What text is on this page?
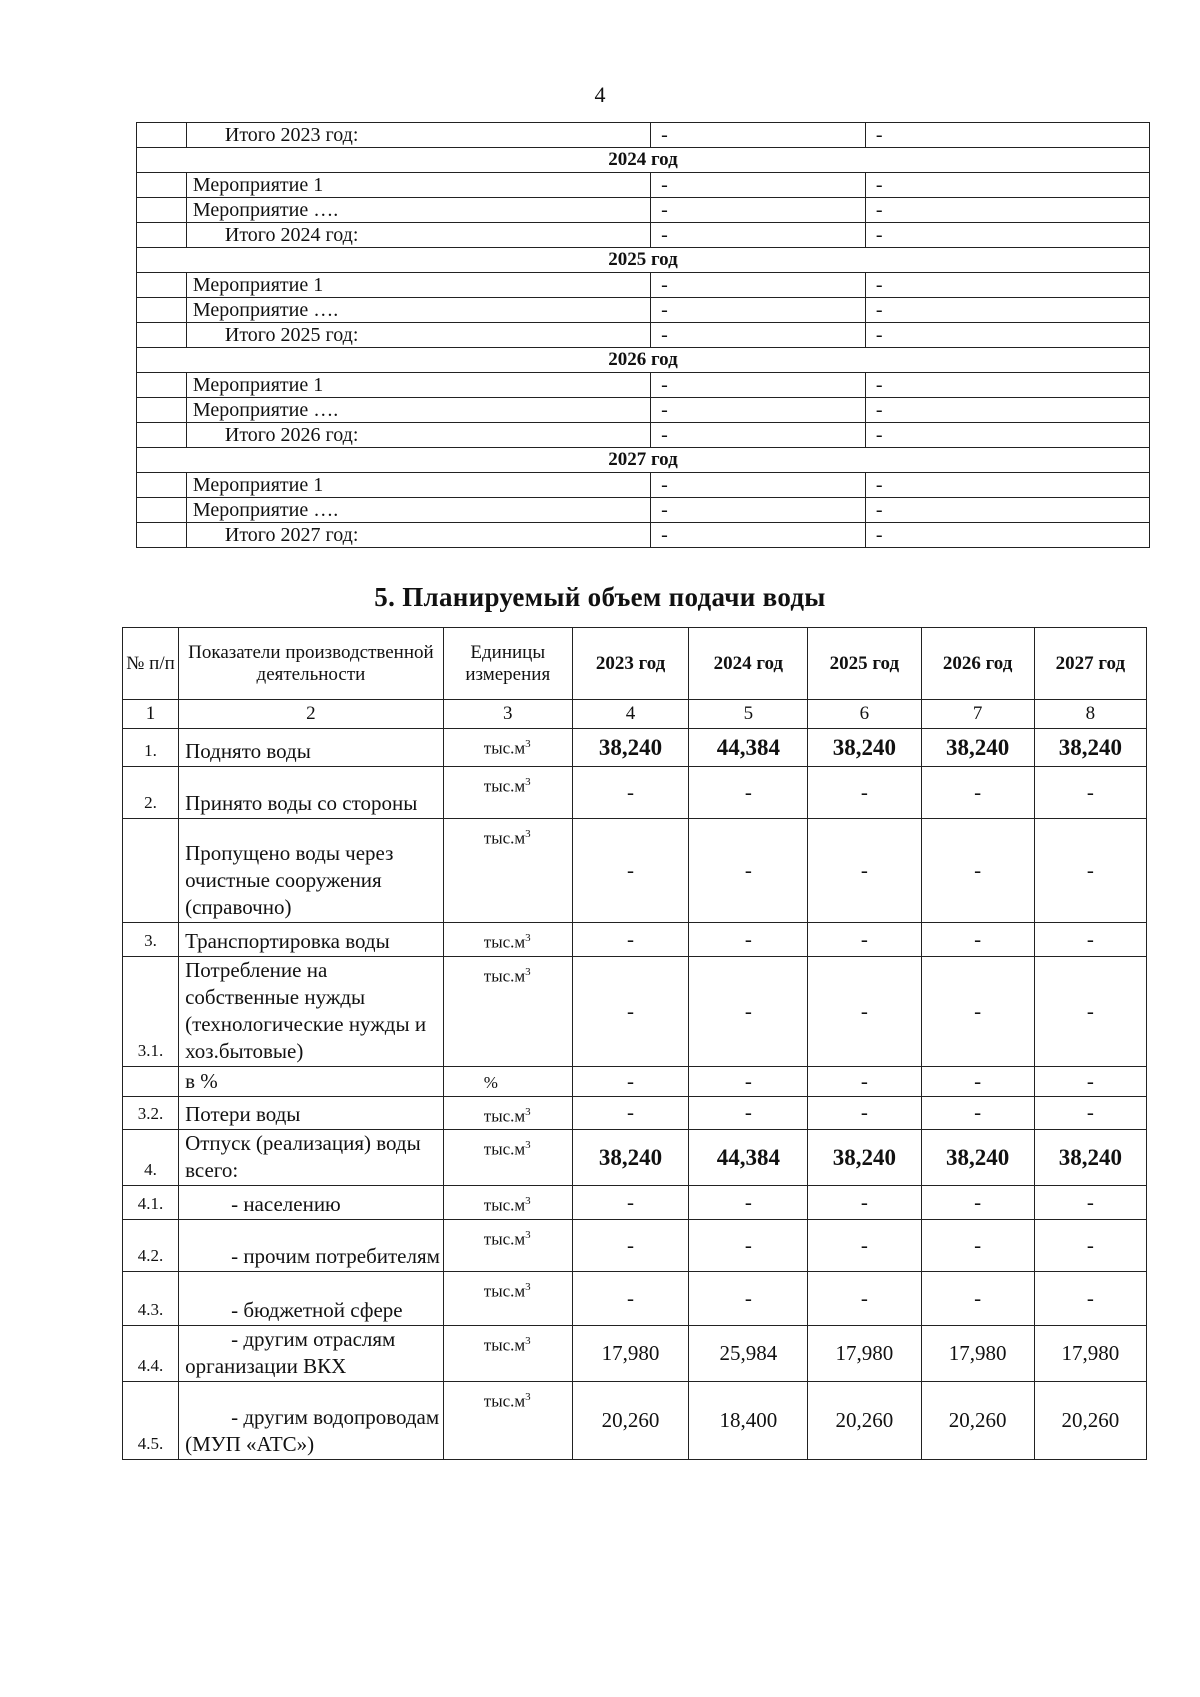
4
	Итого 2023 год:	-	-
2024 год			
	Мероприятие 1	-	-
	Мероприятие ….	-	-
	Итого 2024 год:	-	-
2025 год			
	Мероприятие 1	-	-
	Мероприятие ….	-	-
	Итого 2025 год:	-	-
2026 год			
	Мероприятие 1	-	-
	Мероприятие ….	-	-
	Итого 2026 год:	-	-
2027 год			
	Мероприятие 1	-	-
	Мероприятие ….	-	-
	Итого 2027 год:	-	-
5. Планируемый объем подачи воды
№ п/п	Показатели производственной деятельности	Единицы измерения	2023 год	2024 год	2025 год	2026 год	2027 год
1	2	3	4	5	6	7	8
1.	Поднято воды	$тыс.м^3$	38,240	44,384	38,240	38,240	38,240
2.	Принято воды со стороны	$тыс.м^3$	-	-	-	-	-
	Пропущено воды через очистные сооружения (справочно)	$тыс.м^3$	-	-	-	-	-
3.	Транспортировка воды	$тыс.м^3$	-	-	-	-	-
3.1.	Потребление на собственные нужды (технологические нужды и хоз.бытовые)	$тыс.м^3$	-	-	-	-	-
	в %	%	-	-	-	-	-
3.2.	Потери воды	$тыс.м^3$	-	-	-	-	-
4.	Отпуск (реализация) воды всего:	$тыс.м^3$	38,240	44,384	38,240	38,240	38,240
4.1.	- населению	$тыс.м^3$	-	-	-	-	-
4.2.	- прочим потребителям	$тыс.м^3$	-	-	-	-	-
4.3.	- бюджетной сфере	$тыс.м^3$	-	-	-	-	-
4.4.	- другим отраслям организации ВКХ	$тыс.м^3$	17,980	25,984	17,980	17,980	17,980
4.5.	- другим водопроводам (МУП «АТС»)	$тыс.м^3$	20,260	18,400	20,260	20,260	20,260
